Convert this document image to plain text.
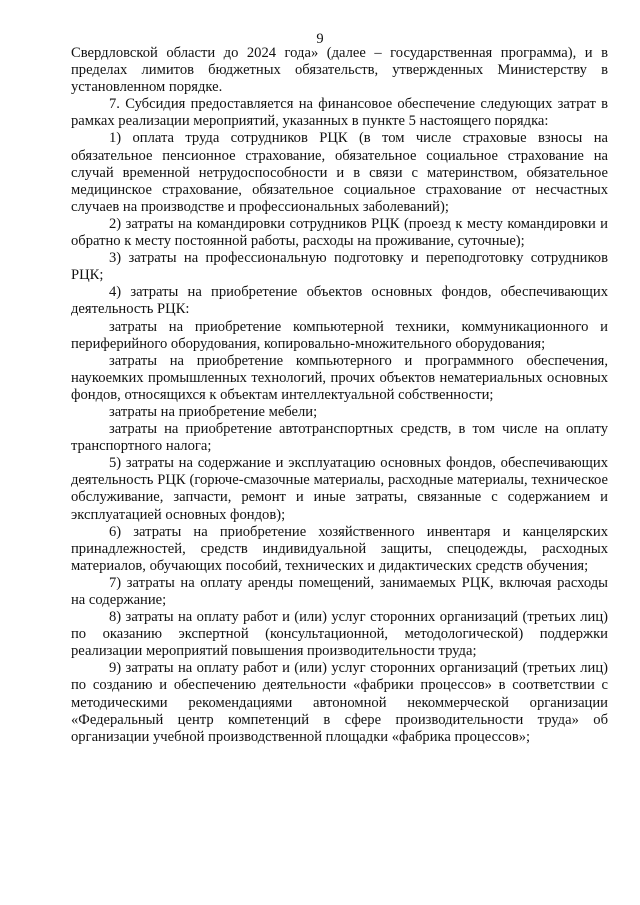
9

Свердловской области до 2024 года» (далее – государственная программа), и в пределах лимитов бюджетных обязательств, утвержденных Министерству в установленном порядке.

7. Субсидия предоставляется на финансовое обеспечение следующих затрат в рамках реализации мероприятий, указанных в пункте 5 настоящего порядка:

1) оплата труда сотрудников РЦК (в том числе страховые взносы на обязательное пенсионное страхование, обязательное социальное страхование на случай временной нетрудоспособности и в связи с материнством, обязательное медицинское страхование, обязательное социальное страхование от несчастных случаев на производстве и профессиональных заболеваний);

2) затраты на командировки сотрудников РЦК (проезд к месту командировки и обратно к месту постоянной работы, расходы на проживание, суточные);

3) затраты на профессиональную подготовку и переподготовку сотрудников РЦК;

4) затраты на приобретение объектов основных фондов, обеспечивающих деятельность РЦК:

затраты на приобретение компьютерной техники, коммуникационного и периферийного оборудования, копировально-множительного оборудования;

затраты на приобретение компьютерного и программного обеспечения, наукоемких промышленных технологий, прочих объектов нематериальных основных фондов, относящихся к объектам интеллектуальной собственности;

затраты на приобретение мебели;

затраты на приобретение автотранспортных средств, в том числе на оплату транспортного налога;

5) затраты на содержание и эксплуатацию основных фондов, обеспечивающих деятельность РЦК (горюче-смазочные материалы, расходные материалы, техническое обслуживание, запчасти, ремонт и иные затраты, связанные с содержанием и эксплуатацией основных фондов);

6) затраты на приобретение хозяйственного инвентаря и канцелярских принадлежностей, средств индивидуальной защиты, спецодежды, расходных материалов, обучающих пособий, технических и дидактических средств обучения;

7) затраты на оплату аренды помещений, занимаемых РЦК, включая расходы на содержание;

8) затраты на оплату работ и (или) услуг сторонних организаций (третьих лиц) по оказанию экспертной (консультационной, методологической) поддержки реализации мероприятий повышения производительности труда;

9) затраты на оплату работ и (или) услуг сторонних организаций (третьих лиц) по созданию и обеспечению деятельности «фабрики процессов» в соответствии с методическими рекомендациями автономной некоммерческой организации «Федеральный центр компетенций в сфере производительности труда» об организации учебной производственной площадки «фабрика процессов»;
